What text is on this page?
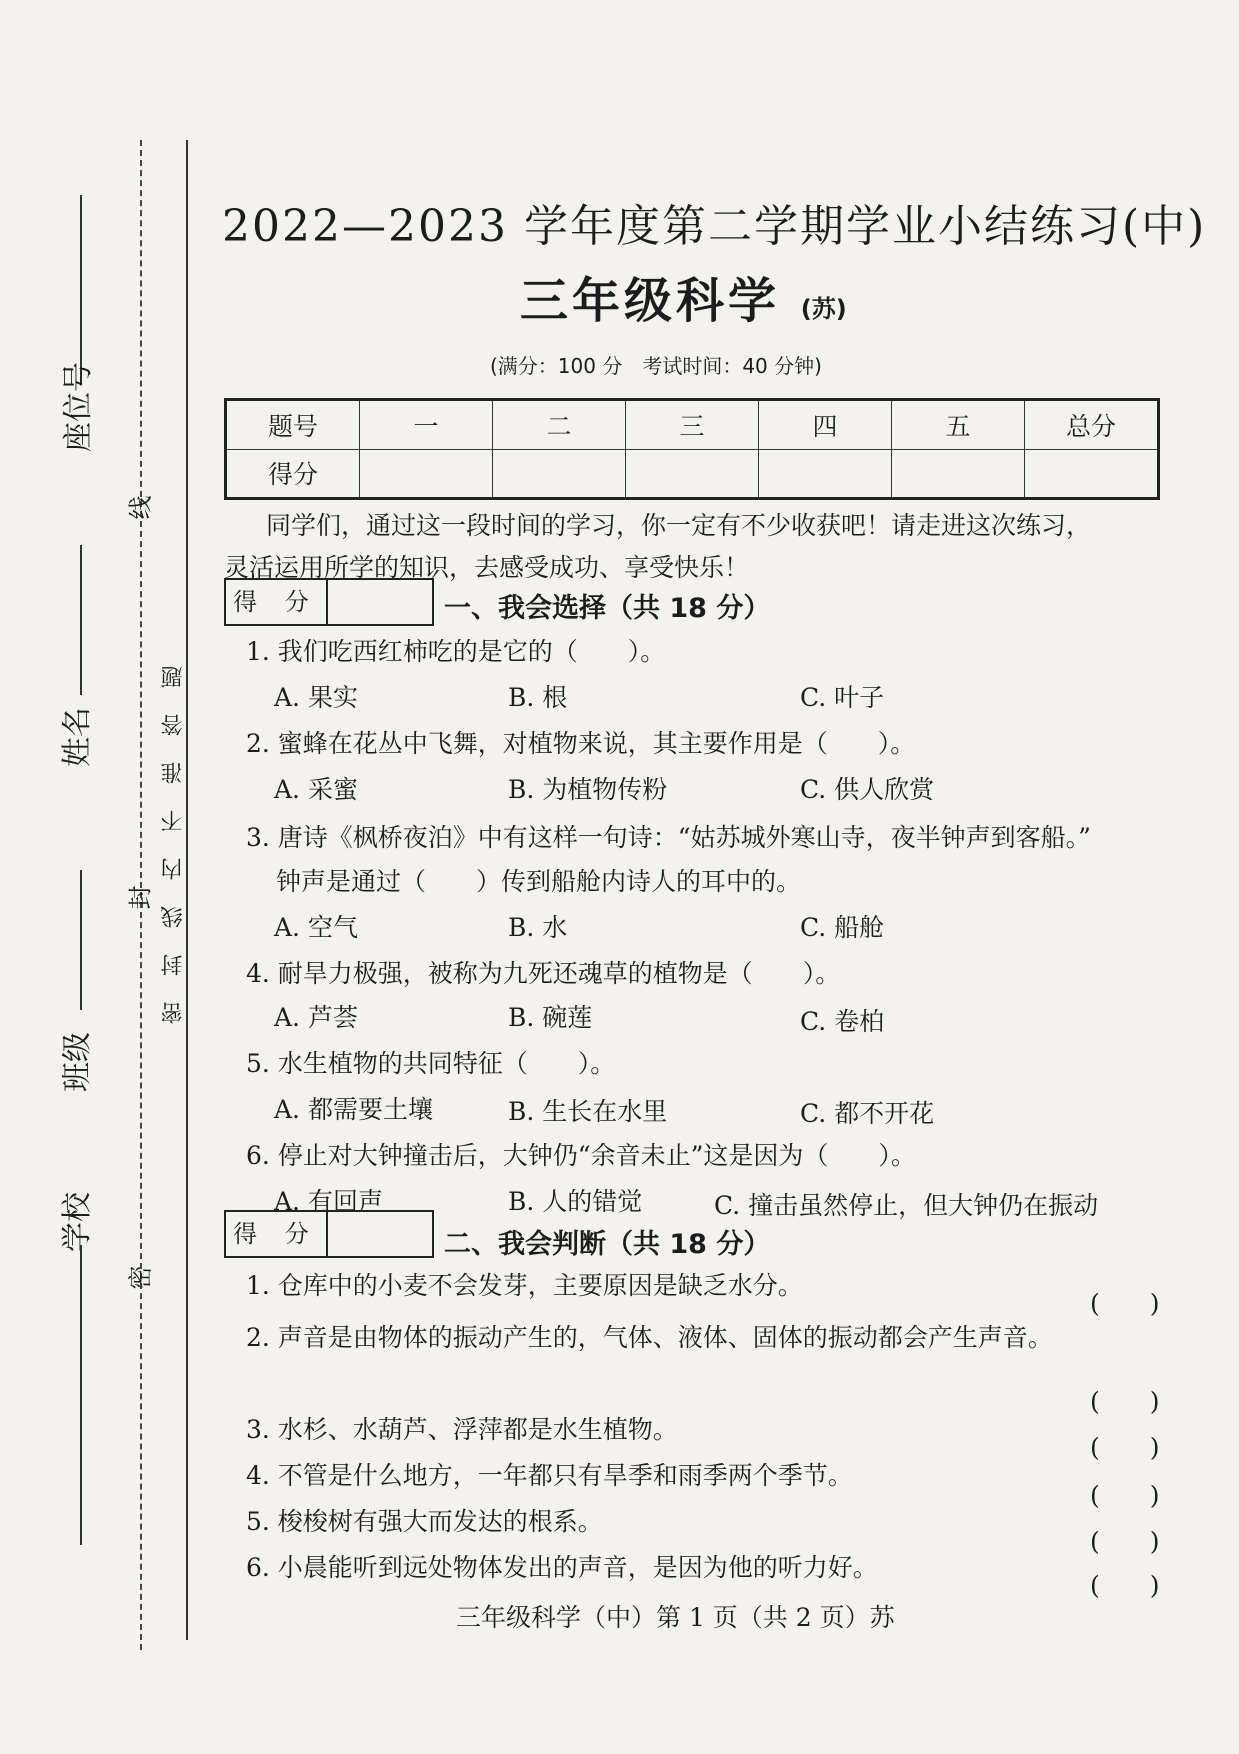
座位号
姓名
班级
学校
线
封
密
密封线内不准答题
2022—2023 学年度第二学期学业小结练习(中)
三年级科学 (苏)
(满分：100 分　考试时间：40 分钟)
题号	一	二	三	四	五	总分
得分						
同学们，通过这一段时间的学习，你一定有不少收获吧！请走进这次练习，
灵活运用所学的知识，去感受成功、享受快乐！
得 分	一、我会选择（共 18 分）
1. 我们吃西红柿吃的是它的（　　）。
A. 果实	B. 根	C. 叶子
2. 蜜蜂在花丛中飞舞，对植物来说，其主要作用是（　　）。
A. 采蜜	B. 为植物传粉	C. 供人欣赏
3. 唐诗《枫桥夜泊》中有这样一句诗：“姑苏城外寒山寺，夜半钟声到客船。”
钟声是通过（　　）传到船舱内诗人的耳中的。
A. 空气	B. 水	C. 船舱
4. 耐旱力极强，被称为九死还魂草的植物是（　　）。
A. 芦荟	B. 碗莲	C. 卷柏
5. 水生植物的共同特征（　　）。
A. 都需要土壤	B. 生长在水里	C. 都不开花
6. 停止对大钟撞击后，大钟仍“余音未止”这是因为（　　）。
A. 有回声	B. 人的错觉	C. 撞击虽然停止，但大钟仍在振动
得 分	二、我会判断（共 18 分）
1. 仓库中的小麦不会发芽，主要原因是缺乏水分。
(　　)
2. 声音是由物体的振动产生的，气体、液体、固体的振动都会产生声音。
(　　)
3. 水杉、水葫芦、浮萍都是水生植物。
(　　)
4. 不管是什么地方，一年都只有旱季和雨季两个季节。
(　　)
5. 梭梭树有强大而发达的根系。
(　　)
6. 小晨能听到远处物体发出的声音，是因为他的听力好。
(　　)
三年级科学（中）第 1 页（共 2 页）苏
